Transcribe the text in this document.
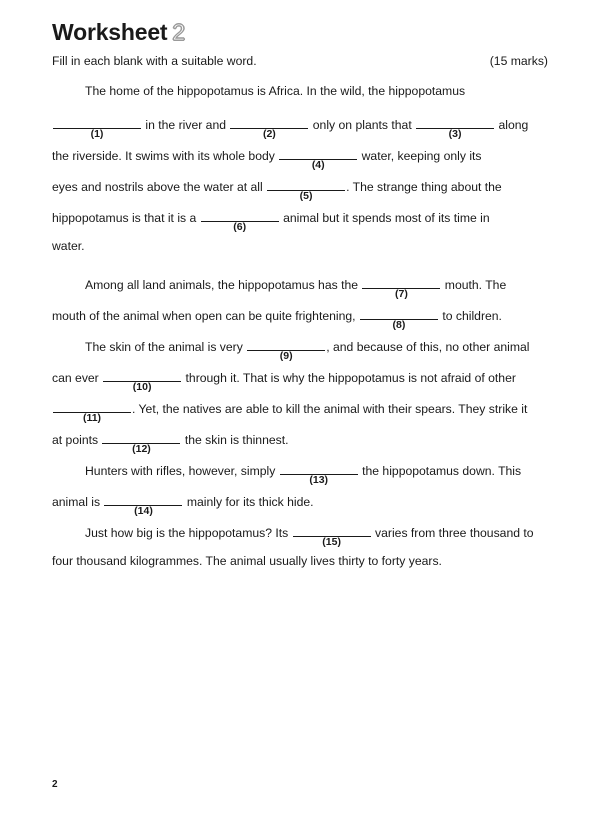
Worksheet 2
Fill in each blank with a suitable word.	(15 marks)
The home of the hippopotamus is Africa. In the wild, the hippopotamus
(1)
in the river and
(2)
only on plants that
(3)
along
the riverside. It swims with its whole body
(4)
water, keeping only its
eyes and nostrils above the water at all
(5)
. The strange thing about the
hippopotamus is that it is a
(6)
animal but it spends most of its time in
water.
Among all land animals, the hippopotamus has the
(7)
mouth. The
mouth of the animal when open can be quite frightening,
(8)
to children.
The skin of the animal is very
(9)
, and because of this, no other animal
can ever
(10)
through it. That is why the hippopotamus is not afraid of other
(11)
. Yet, the natives are able to kill the animal with their spears. They strike it
at points
(12)
the skin is thinnest.
Hunters with rifles, however, simply
(13)
the hippopotamus down. This
animal is
(14)
mainly for its thick hide.
Just how big is the hippopotamus? Its
(15)
varies from three thousand to
four thousand kilogrammes. The animal usually lives thirty to forty years.
2
